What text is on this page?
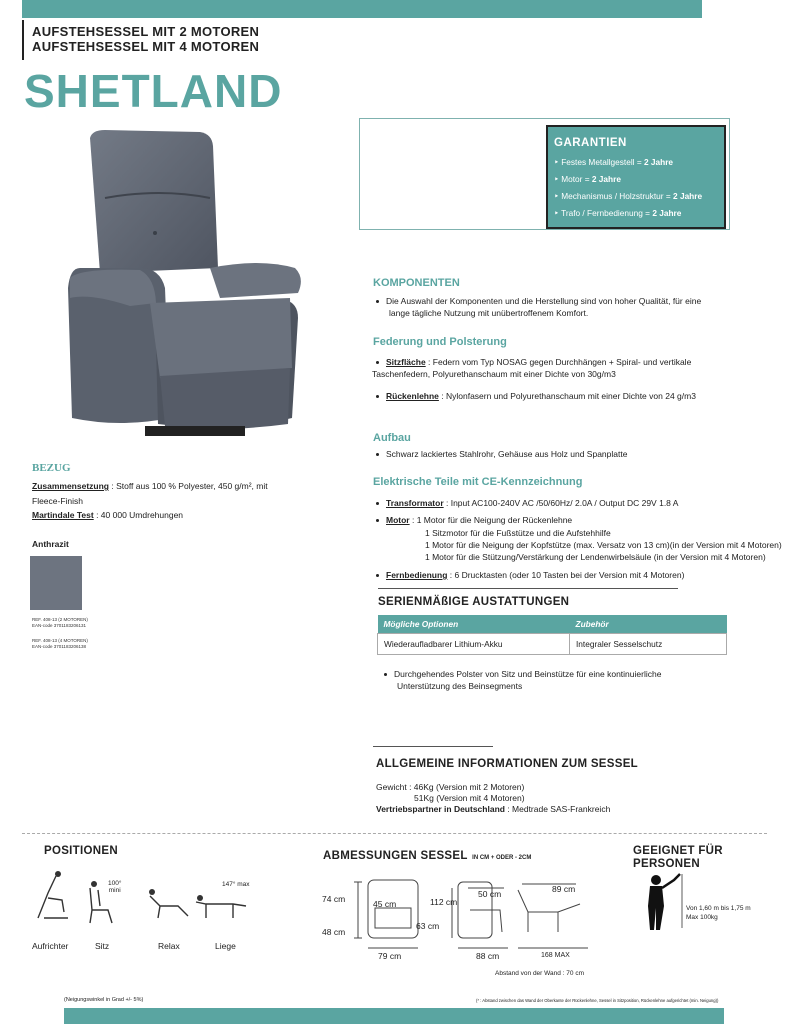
AUFSTEHSESSEL MIT 2 MOTOREN
AUFSTEHSESSEL MIT 4 MOTOREN
SHETLAND
GARANTIEN
‣ Festes Metallgestell = 2 Jahre
‣ Motor = 2 Jahre
‣ Mechanismus / Holzstruktur = 2 Jahre
‣ Trafo / Fernbedienung = 2 Jahre
BEZUG
Zusammensetzung : Stoff aus 100 % Polyester, 450 g/m², mit
Fleece-Finish
Martindale Test : 40 000 Umdrehungen
Anthrazit
REF. 408-13 (2 MOTOREN)
EAN-code 3701183206131
REF. 408-13 (4 MOTOREN)
EAN-code 3701183206138
KOMPONENTEN
Die Auswahl der Komponenten und die Herstellung sind von hoher Qualität, für eine
lange tägliche Nutzung mit unübertroffenem Komfort.
Federung und Polsterung
Sitzfläche : Federn vom Typ NOSAG gegen Durchhängen + Spiral- und vertikale
Taschenfedern, Polyurethanschaum mit einer Dichte von 30g/m3
Rückenlehne : Nylonfasern und Polyurethanschaum mit einer Dichte von 24 g/m3
Aufbau
Schwarz lackiertes Stahlrohr, Gehäuse aus Holz und Spanplatte
Elektrische Teile mit CE-Kennzeichnung
Transformator : Input AC100-240V AC /50/60Hz/ 2.0A / Output DC 29V 1.8 A
Motor : 1 Motor für die Neigung der Rückenlehne
1 Sitzmotor für die Fußstütze und die Aufstehhilfe
1 Motor für die Neigung der Kopfstütze (max. Versatz von 13 cm)(in der Version mit 4 Motoren)
1 Motor für die Stützung/Verstärkung der Lendenwirbelsäule (in der Version mit 4 Motoren)
Fernbedienung : 6 Drucktasten (oder 10 Tasten bei der Version mit 4 Motoren)
SERIENMÄßIGE AUSTATTUNGEN
Mögliche Optionen	Zubehör
Wiederaufladbarer Lithium-Akku	Integraler Sesselschutz
Durchgehendes Polster von Sitz und Beinstütze für eine kontinuierliche
Unterstützung des Beinsegments
ALLGEMEINE INFORMATIONEN ZUM SESSEL
Gewicht : 46Kg (Version mit 2 Motoren)
51Kg (Version mit 4 Motoren)
Vertriebspartner in Deutschland : Medtrade SAS-Frankreich
POSITIONEN
100°
mini
147° max
Aufrichter	Sitz	Relax	Liege
ABMESSUNGEN SESSEL IN CM + ODER - 2CM
74 cm
48 cm
45 cm
63 cm
79 cm
112 cm
50 cm
88 cm
89 cm
168 MAX
Abstand von der Wand : 70 cm
GEEIGNET FÜR
PERSONEN
Von 1,60 m bis 1,75 m
Max 100kg
(Neigungswinkel in Grad +/- 5%)	(* : Abstand zwischen das Wand der Oberkante der Rückenlehne, Sessel in Sitzposition, Rückenlehne aufgerichtet (min. Neigung))
